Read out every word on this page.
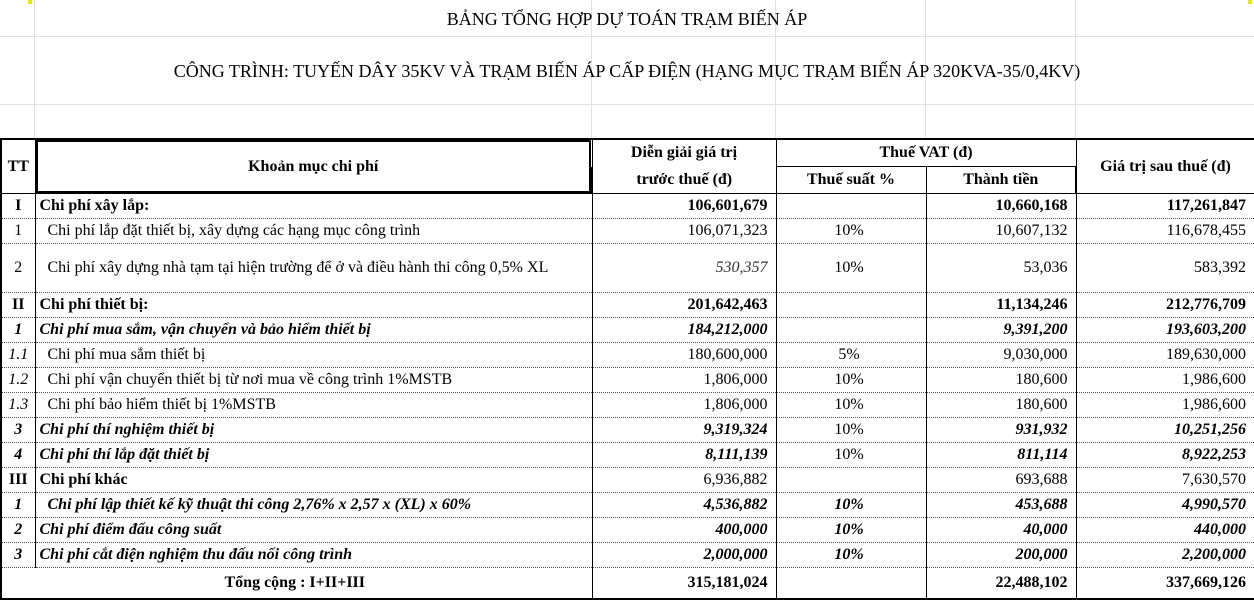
BẢNG TỔNG HỢP DỰ TOÁN TRẠM BIẾN ÁP
CÔNG TRÌNH: TUYẾN DÂY 35KV VÀ TRẠM BIẾN ÁP CẤP ĐIỆN (HẠNG MỤC TRẠM BIẾN ÁP 320KVA-35/0,4KV)
TT	Khoản mục chi phí	Diễn giải giá trị	Thuế VAT (đ)		Giá trị sau thuế (đ)
		trước thuế (đ)	Thuế suất %	Thành tiền	
I	Chi phí xây lắp:	106,601,679		10,660,168	117,261,847
1	Chi phí lắp đặt thiết bị, xây dựng các hạng mục công trình	106,071,323	10%	10,607,132	116,678,455
2	Chi phí xây dựng nhà tạm tại hiện trường để ở và điều hành thi công 0,5% XL	530,357	10%	53,036	583,392
II	Chi phí thiết bị:	201,642,463		11,134,246	212,776,709
1	Chi phí mua sắm, vận chuyển và bảo hiểm thiết bị	184,212,000		9,391,200	193,603,200
1.1	Chi phí mua sắm thiết bị	180,600,000	5%	9,030,000	189,630,000
1.2	Chi phí vận chuyển thiết bị từ nơi mua về công trình 1%MSTB	1,806,000	10%	180,600	1,986,600
1.3	Chi phí bảo hiểm thiết bị 1%MSTB	1,806,000	10%	180,600	1,986,600
3	Chi phí thí nghiệm thiết bị	9,319,324	10%	931,932	10,251,256
4	Chi phí thí lắp đặt thiết bị	8,111,139	10%	811,114	8,922,253
III	Chi phí khác	6,936,882		693,688	7,630,570
1	Chi phí lập thiết kế kỹ thuật thi công 2,76% x 2,57 x (XL) x 60%	4,536,882	10%	453,688	4,990,570
2	Chi phí điểm đấu công suất	400,000	10%	40,000	440,000
3	Chi phí cắt điện nghiệm thu đấu nối công trình	2,000,000	10%	200,000	2,200,000
Tổng cộng : I+II+III		315,181,024		22,488,102	337,669,126
